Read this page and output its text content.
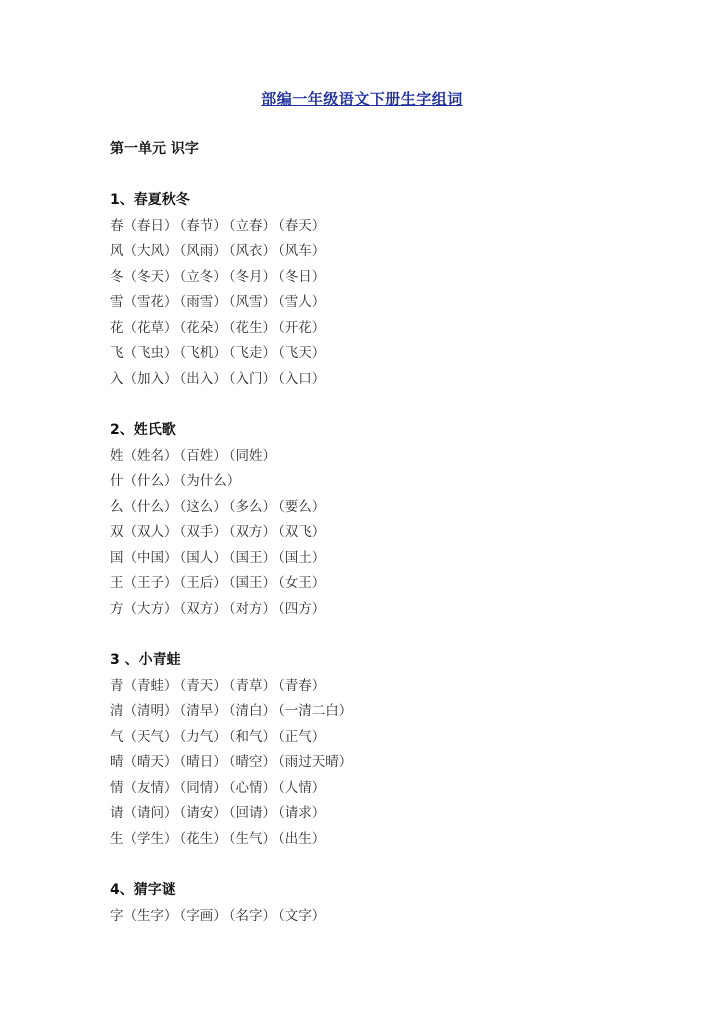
部编一年级语文下册生字组词
第一单元 识字
1、春夏秋冬
春（春日） （春节） （立春） （春天）
风（大风） （风雨） （风衣） （风车）
冬（冬天） （立冬） （冬月） （冬日）
雪（雪花） （雨雪） （风雪） （雪人）
花（花草） （花朵） （花生） （开花）
飞（飞虫） （飞机） （飞走） （飞天）
入（加入） （出入） （入门） （入口）
2、姓氏歌
姓（姓名） （百姓） （同姓）
什（什么） （为什么）
么（什么） （这么） （多么） （要么）
双（双人） （双手） （双方） （双飞）
国（中国） （国人） （国王） （国土）
王（王子） （王后） （国王） （女王）
方（大方） （双方） （对方） （四方）
3 、小青蛙
青（青蛙） （青天） （青草） （青春）
清（清明） （清早） （清白） （一清二白）
气（天气） （力气） （和气） （正气）
晴（晴天） （晴日） （晴空） （雨过天晴）
情（友情） （同情） （心情） （人情）
请（请问） （请安） （回请） （请求）
生（学生） （花生） （生气） （出生）
4、猜字谜
字（生字） （字画） （名字） （文字）
